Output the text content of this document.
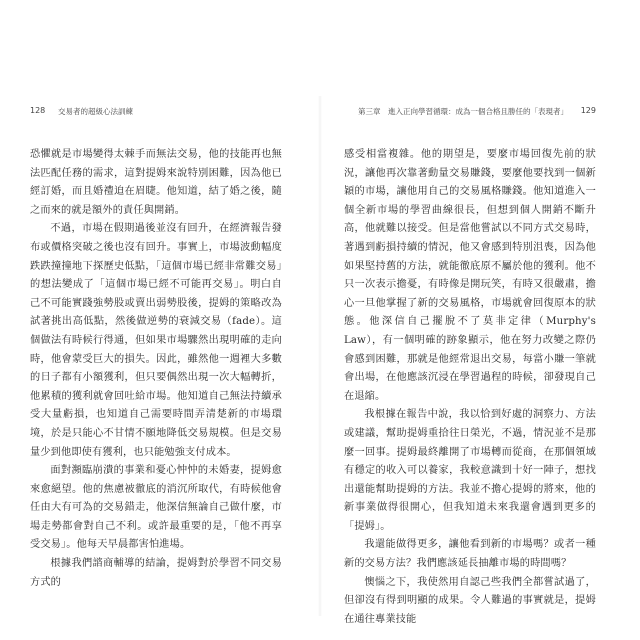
128 交易者的超級心法訓練

恐懼就是市場變得太棘手而無法交易，他的技能再也無法匹配任務的需求，這對提姆來說特別困難，因為他已經訂婚，而且婚禮迫在眉睫。他知道，結了婚之後，隨之而來的就是額外的責任與開銷。

不過，市場在假期過後並沒有回升，在經濟報告發布或價格突破之後也沒有回升。事實上，市場波動幅度跌跌撞撞地下探歷史低點，「這個市場已經非常難交易」的想法變成了「這個市場已經不可能再交易」。明白自己不可能實踐強勢股或賣出弱勢股後，提姆的策略改為試著挑出高低點，然後做逆勢的衰減交易（fade）。這個做法有時候行得通，但如果市場驟然出現明確的走向時，他會蒙受巨大的損失。因此，雖然他一週裡大多數的日子都有小額獲利，但只要偶然出現一次大幅轉折，他累積的獲利就會回吐給市場。他知道自己無法持續承受大量虧損，也知道自己需要時間弄清楚新的市場環境，於是只能心不甘情不願地降低交易規模。但是交易量少到他即使有獲利，也只能勉強支付成本。

面對瀕臨崩潰的事業和憂心忡忡的未婚妻，提姆愈來愈絕望。他的焦慮被徹底的消沉所取代，有時候他會任由大有可為的交易錯走，他深信無論自己做什麼，市場走勢都會對自己不利。或許最重要的是，「他不再享受交易」。他每天早晨都害怕進場。

根據我們諮商輔導的結論，提姆對於學習不同交易方式的

第三章　進入正向學習循環：成為一個合格且勝任的「表現者」 129

感受相當複雜。他的期望是，要麼市場回復先前的狀況，讓他再次靠著動量交易賺錢，要麼他要找到一個新穎的市場，讓他用自己的交易風格賺錢。他知道進入一個全新市場的學習曲線很長，但想到個人開銷不斷升高，他就難以接受。但是當他嘗試以不同方式交易時，著遇到虧損持續的情況，他又會感到特別沮喪，因為他如果堅持舊的方法，就能徹底原不屬於他的獲利。他不只一次表示擔憂，有時像是開玩笑，有時又很嚴肅，擔心一旦他掌握了新的交易風格，市場就會回復原本的狀態。他深信自己擺脫不了莫非定律（Murphy's Law），有一個明確的跡象顯示，他在努力改變之際仍會感到困難，那就是他經常退出交易，每當小賺一筆就會出場，在他應該沉浸在學習過程的時候，卻發現自己在退縮。

我根據在報告中說，我以恰到好處的洞察力、方法或建議，幫助提姆重拾往日榮光，不過，情況並不是那麼一回事。提姆最終離開了市場轉而從商，在那個領域有穩定的收入可以養家，我較意識到十好一陣子，想找出還能幫助提姆的方法。我並不擔心提姆的將來，他的新事業做得很開心，但我知道未來我還會遇到更多的「提姆」。

我還能做得更多，讓他看到新的市場嗎？或者一種新的交易方法？我們應該延長抽離市場的時間嗎？

懊惱之下，我使然用自認己些我們全都嘗試過了，但卻沒有得到明顯的成果。令人難過的事實就是，提姆在通往專業技能
